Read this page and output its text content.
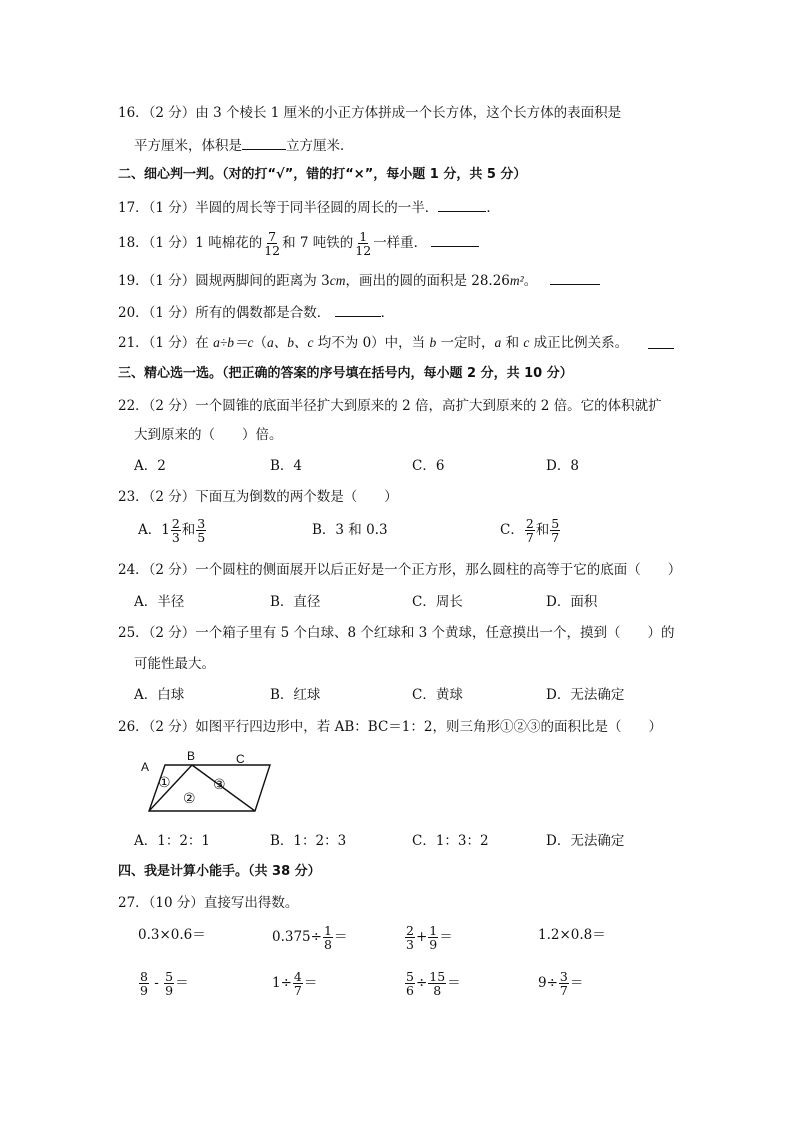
16．（2 分）由 3 个棱长 1 厘米的小正方体拼成一个长方体，这个长方体的表面积是
平方厘米，体积是	立方厘米．
二、细心判一判。（对的打“√”，错的打“×”，每小题 1 分，共 5 分）
17．（1 分）半圆的周长等于同半径圆的周长的一半．	．
18．（1 分）1 吨棉花的 $\frac{7}{12}$ 和 7 吨铁的 $\frac{1}{12}$ 一样重．
19．（1 分）圆规两脚间的距离为 3cm，画出的圆的面积是 28.26m²。
20．（1 分）所有的偶数都是合数．	．
21．（1 分）在 a÷b＝c（a、b、c 均不为 0）中，当 b 一定时，a 和 c 成正比例关系。
三、精心选一选。（把正确的答案的序号填在括号内，每小题 2 分，共 10 分）
22．（2 分）一个圆锥的底面半径扩大到原来的 2 倍，高扩大到原来的 2 倍。它的体积就扩
大到原来的（　　）倍。
A．2	B．4	C．6	D．8
23．（2 分）下面互为倒数的两个数是（　　）
A．$1 \frac{2}{3}$ 和 $\frac{3}{5}$	B．3 和 0.3	C． $\frac{2}{7}$ 和 $\frac{5}{7}$
24．（2 分）一个圆柱的侧面展开以后正好是一个正方形，那么圆柱的高等于它的底面（　　）
A．半径	B．直径	C．周长	D．面积
25．（2 分）一个箱子里有 5 个白球、8 个红球和 3 个黄球，任意摸出一个，摸到（　　）的
可能性最大。
A．白球	B．红球	C．黄球	D．无法确定
26．（2 分）如图平行四边形中，若 AB：BC＝1：2，则三角形①②③的面积比是（　　）
A
B	C
①
②
③
A．1：2：1	B．1：2：3	C．1：3：2	D．无法确定
四、我是计算小能手。（共 38 分）
27．（10 分）直接写出得数。
0.3×0.6＝	$0.375\div \frac{1}{8}$ ＝	$\frac{2}{3} + \frac{1}{9}$ ＝	1.2×0.8＝
$\frac{8}{9} - \frac{5}{9}$ ＝	$1\div \frac{4}{7}$ ＝	$\frac{5}{6} \div \frac{15}{8}$ ＝	$9\div \frac{3}{7}$ ＝
